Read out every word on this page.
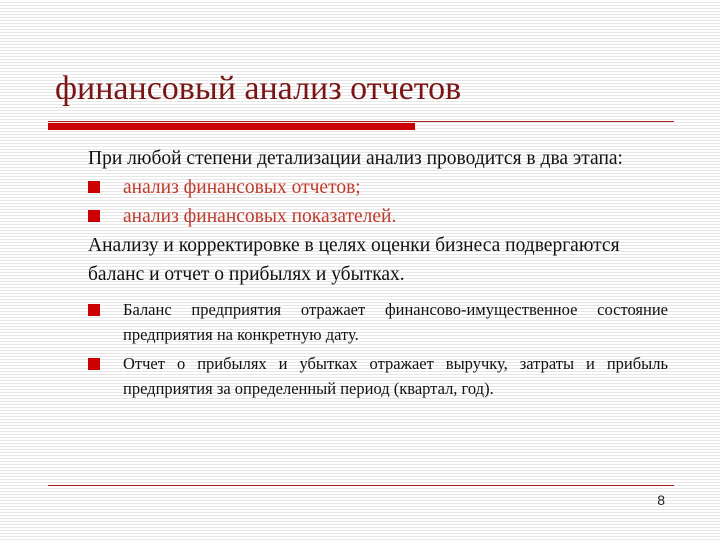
финансовый анализ отчетов

При любой степени детализации анализ проводится в два этапа:

анализ финансовых отчетов;
анализ финансовых показателей.

Анализу и корректировке в целях оценки бизнеса подвергаются баланс и отчет о прибылях и убытках.

Баланс предприятия отражает финансово-имущественное состояние предприятия на конкретную дату.
Отчет о прибылях и убытках отражает выручку, затраты и прибыль предприятия за определенный период (квартал, год).
8
